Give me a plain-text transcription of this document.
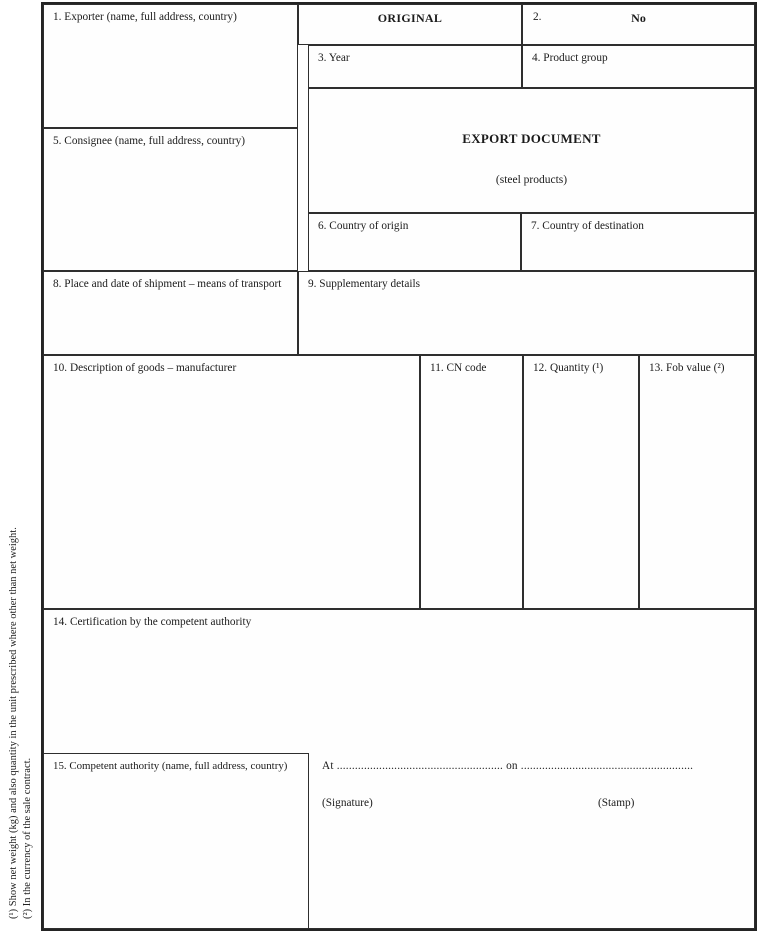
1. Exporter (name, full address, country)	ORIGINAL	2.	No
3. Year	4. Product group
EXPORT DOCUMENT
(steel products)
6. Country of origin	7. Country of destination
5. Consignee (name, full address, country)
8. Place and date of shipment – means of transport	9. Supplementary details
10. Description of goods – manufacturer	11. CN code	12. Quantity (¹)	13. Fob value (²)
14. Certification by the competent authority
15. Competent authority (name, full address, country)	At ....................................................... on .........................................................
(Signature)	(Stamp)
(¹) Show net weight (kg) and also quantity in the unit prescribed where other than net weight. (²) In the currency of the sale contract.
